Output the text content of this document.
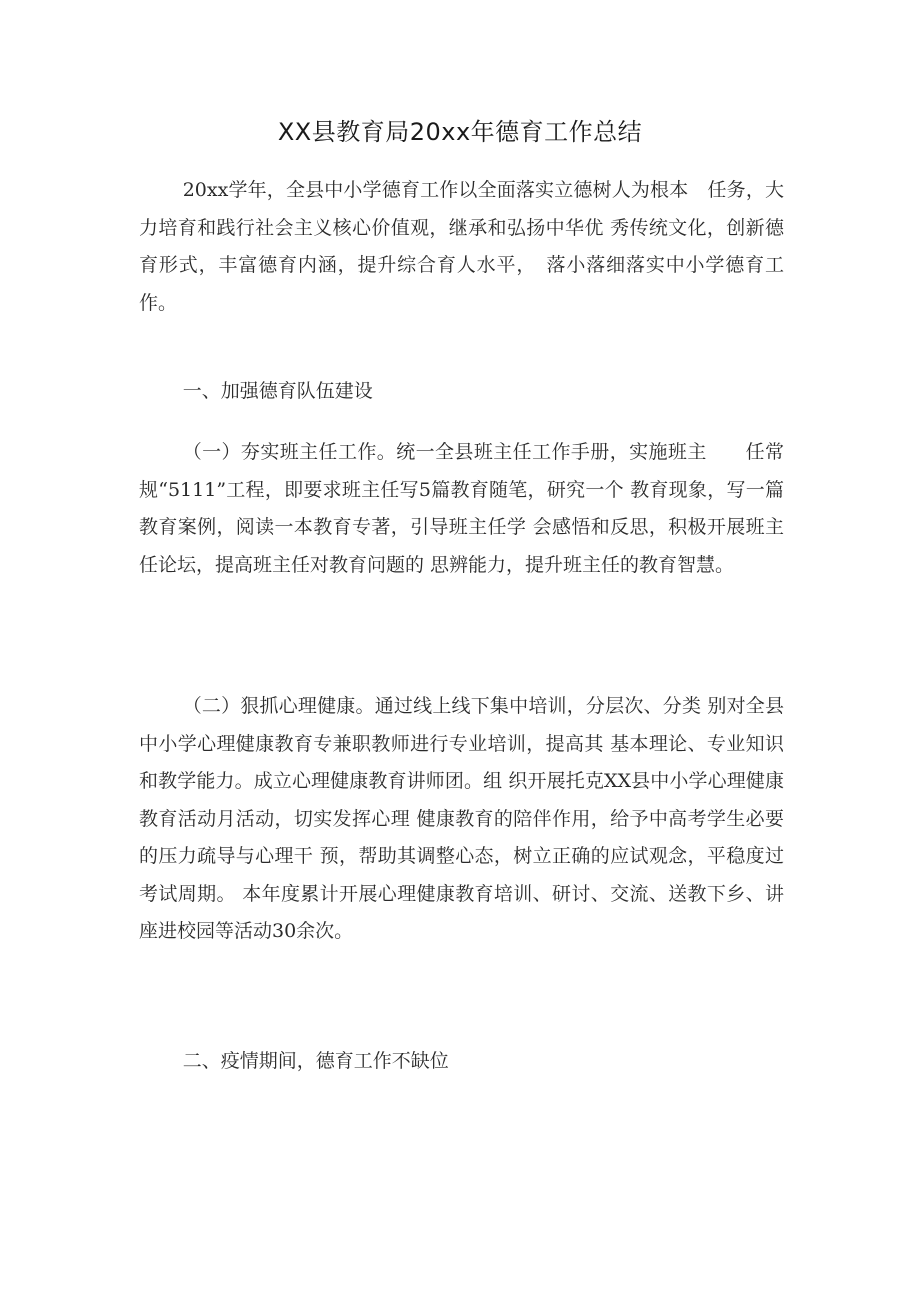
XX县教育局20xx年德育工作总结

20xx学年，全县中小学德育工作以全面落实立德树人为根本　任务，大力培育和践行社会主义核心价值观，继承和弘扬中华优 秀传统文化，创新德育形式，丰富德育内涵，提升综合育人水平，　落小落细落实中小学德育工作。

一、加强德育队伍建设

（一）夯实班主任工作。统一全县班主任工作手册，实施班主　　任常规“5111”工程，即要求班主任写5篇教育随笔，研究一个 教育现象，写一篇教育案例，阅读一本教育专著，引导班主任学 会感悟和反思，积极开展班主任论坛，提高班主任对教育问题的 思辨能力，提升班主任的教育智慧。

（二）狠抓心理健康。通过线上线下集中培训，分层次、分类 别对全县中小学心理健康教育专兼职教师进行专业培训，提高其 基本理论、专业知识和教学能力。成立心理健康教育讲师团。组 织开展托克XX县中小学心理健康教育活动月活动，切实发挥心理 健康教育的陪伴作用，给予中高考学生必要的压力疏导与心理干 预，帮助其调整心态，树立正确的应试观念，平稳度过考试周期。 本年度累计开展心理健康教育培训、研讨、交流、送教下乡、讲 座进校园等活动30余次。

二、疫情期间，德育工作不缺位
